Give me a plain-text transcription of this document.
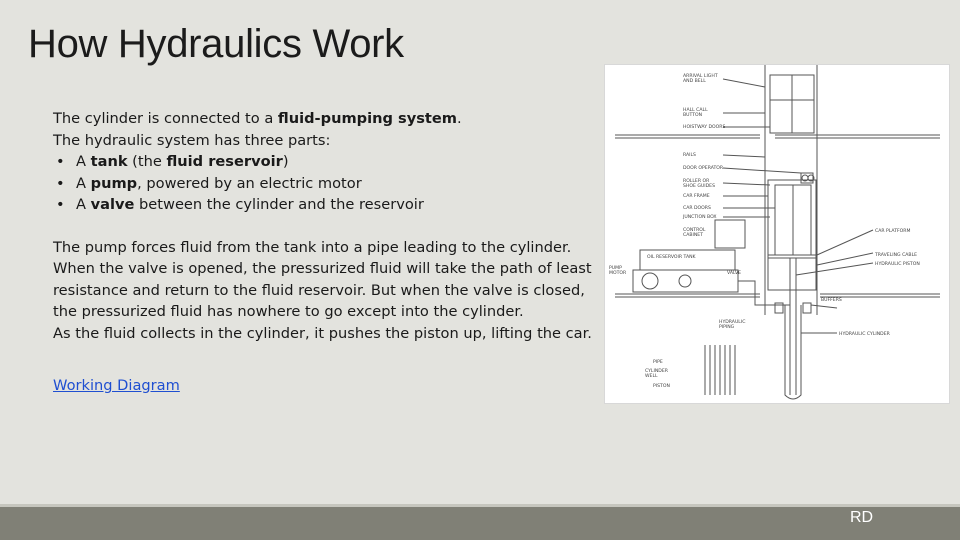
How Hydraulics Work

The cylinder is connected to a fluid-pumping system.

The hydraulic system has three parts:

• A tank (the fluid reservoir)
• A pump, powered by an electric motor
• A valve between the cylinder and the reservoir

The pump forces fluid from the tank into a pipe leading to the cylinder.

When the valve is opened, the pressurized fluid will take the path of least

resistance and return to the fluid reservoir. But when the valve is closed,

the pressurized fluid has nowhere to go except into the cylinder.

As the fluid collects in the cylinder, it pushes the piston up, lifting the car.

Working Diagram
ARRIVAL LIGHT
AND BELL
HALL CALL
BUTTON
HOISTWAY DOORS
RAILS
DOOR OPERATOR
ROLLER OR
SHOE GUIDES
CAR FRAME
CAR DOORS
JUNCTION BOX
CONTROL
CABINET
OIL RESERVOIR TANK
PUMP
MOTOR	VALVE
CAR PLATFORM
TRAVELING CABLE
HYDRAULIC PISTON
BUFFERS
HYDRAULIC
PIPING
HYDRAULIC CYLINDER
PIPE
CYLINDER
WELL
PISTON
RD
